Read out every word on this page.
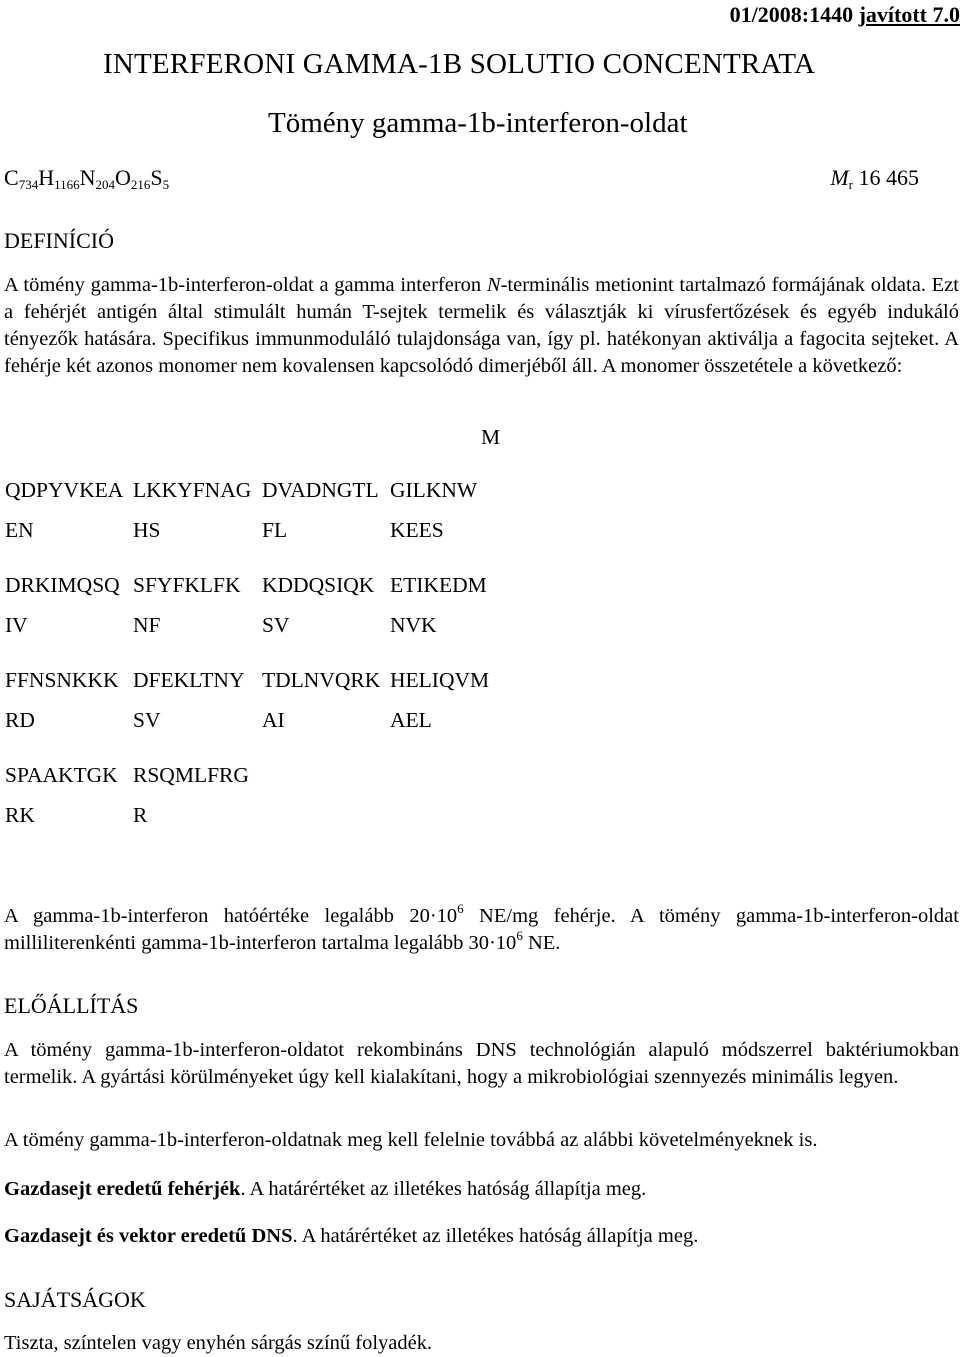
01/2008:1440 javított 7.0
INTERFERONI GAMMA-1B SOLUTIO CONCENTRATA
Tömény gamma-1b-interferon-oldat
$C_{734}H_{1166}N_{204}O_{216}S_5$	$M_r$ 16 465
DEFINÍCIÓ
A tömény gamma-1b-interferon-oldat a gamma interferon N-terminális metionint tartalmazó formájának oldata. Ezt a fehérjét antigén által stimulált humán T-sejtek termelik és választják ki vírusfertőzések és egyéb indukáló tényezők hatására. Specifikus immunmoduláló tulajdonsága van, így pl. hatékonyan aktiválja a fagocita sejteket. A fehérje két azonos monomer nem kovalensen kapcsolódó dimerjéből áll. A monomer összetétele a következő:
M
QDPYVKEA LKKYFNAG DVADNGTL GILKNW
EN	HS	FL	KEES
DRKIMQSQ SFYFKLFK KDDQSIQK ETIKEDM
IV	NF	SV	NVK
FFNSNKKK DFEKLTNY TDLNVQRK HELIQVM
RD	SV	AI	AEL
SPAAKTGK RSQMLFRG
RK	R
A gamma-1b-interferon hatóértéke legalább $20\cdot 10^6$ NE/mg fehérje. A tömény gamma-1b-interferon-oldat milliliterenkénti gamma-1b-interferon tartalma legalább $30\cdot 10^6$ NE.
ELŐÁLLÍTÁS
A tömény gamma-1b-interferon-oldatot rekombináns DNS technológián alapuló módszerrel baktériumokban termelik. A gyártási körülményeket úgy kell kialakítani, hogy a mikrobiológiai szennyezés minimális legyen.
A tömény gamma-1b-interferon-oldatnak meg kell felelnie továbbá az alábbi követelményeknek is.
Gazdasejt eredetű fehérjék. A határértéket az illetékes hatóság állapítja meg.
Gazdasejt és vektor eredetű DNS. A határértéket az illetékes hatóság állapítja meg.
SAJÁTSÁGOK
Tiszta, színtelen vagy enyhén sárgás színű folyadék.
